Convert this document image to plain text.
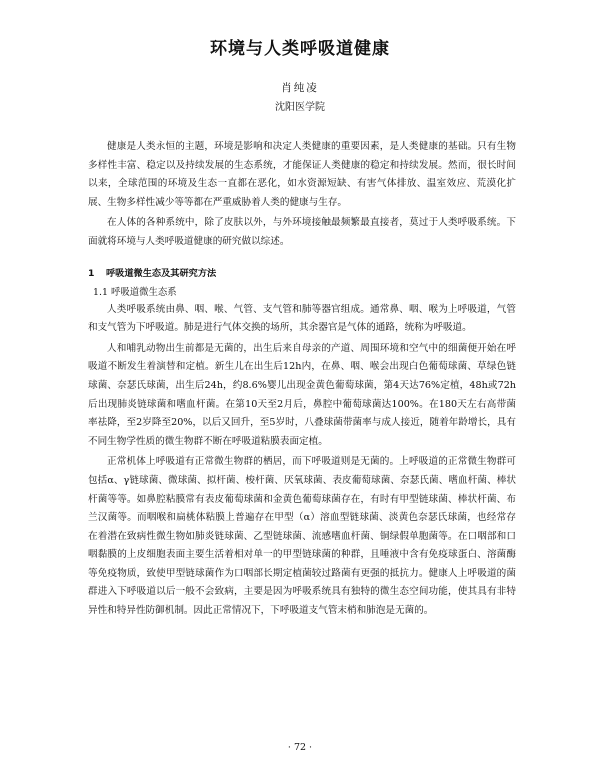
环境与人类呼吸道健康
肖纯凌
沈阳医学院

健康是人类永恒的主题，环境是影响和决定人类健康的重要因素，是人类健康的基础。只有生物多样性丰富、稳定以及持续发展的生态系统，才能保证人类健康的稳定和持续发展。然而，很长时间以来，全球范围的环境及生态一直都在恶化，如水资源短缺、有害气体排放、温室效应、荒漠化扩展、生物多样性减少等等都在严重威胁着人类的健康与生存。

在人体的各种系统中，除了皮肤以外，与外环境接触最频繁最直接者，莫过于人类呼吸系统。下面就将环境与人类呼吸道健康的研究做以综述。

1 呼吸道微生态及其研究方法
1.1 呼吸道微生态系

人类呼吸系统由鼻、咽、喉、气管、支气管和肺等器官组成。通常鼻、咽、喉为上呼吸道，气管和支气管为下呼吸道。肺是进行气体交换的场所，其余器官是气体的通路，统称为呼吸道。

人和哺乳动物出生前都是无菌的，出生后来自母亲的产道、周围环境和空气中的细菌便开始在呼吸道不断发生着演替和定植。新生儿在出生后12h内，在鼻、咽、喉会出现白色葡萄球菌、草绿色链球菌、奈瑟氏球菌，出生后24h，约8.6%婴儿出现金黄色葡萄球菌，第4天达76%定植，48h或72h后出现肺炎链球菌和嗜血杆菌。在第10天至2月后，鼻腔中葡萄球菌达100%。在180天左右高带菌率祛降，至2岁降至20%，以后又回升，至5岁时，八叠球菌带菌率与成人接近，随着年龄增长，具有不同生物学性质的微生物群不断在呼吸道粘膜表面定植。

正常机体上呼吸道有正常微生物群的栖居，而下呼吸道则是无菌的。上呼吸道的正常微生物群可包括α、γ链球菌、微球菌、拟杆菌、梭杆菌、厌氧球菌、表皮葡萄球菌、奈瑟氏菌、嗜血杆菌、棒状杆菌等等。如鼻腔粘膜常有表皮葡萄球菌和金黄色葡萄球菌存在，有时有甲型链球菌、棒状杆菌、布兰汉菌等。而咽喉和扁桃体粘膜上普遍存在甲型（α）溶血型链球菌、淡黄色奈瑟氏球菌，也经常存在着潜在致病性微生物如肺炎链球菌、乙型链球菌、流感嗜血杆菌、铜绿假单胞菌等。在口咽部和口咽黏膜的上皮细胞表面主要生活着相对单一的甲型链球菌的种群，且唾液中含有免疫球蛋白、溶菌酶等免疫物质，致使甲型链球菌作为口咽部长期定植菌较过路菌有更强的抵抗力。健康人上呼吸道的菌群进入下呼吸道以后一般不会致病，主要是因为呼吸系统具有独特的微生态空间功能，使其具有非特异性和特异性防御机制。因此正常情况下，下呼吸道支气管末梢和肺泡是无菌的。

· 72 ·
